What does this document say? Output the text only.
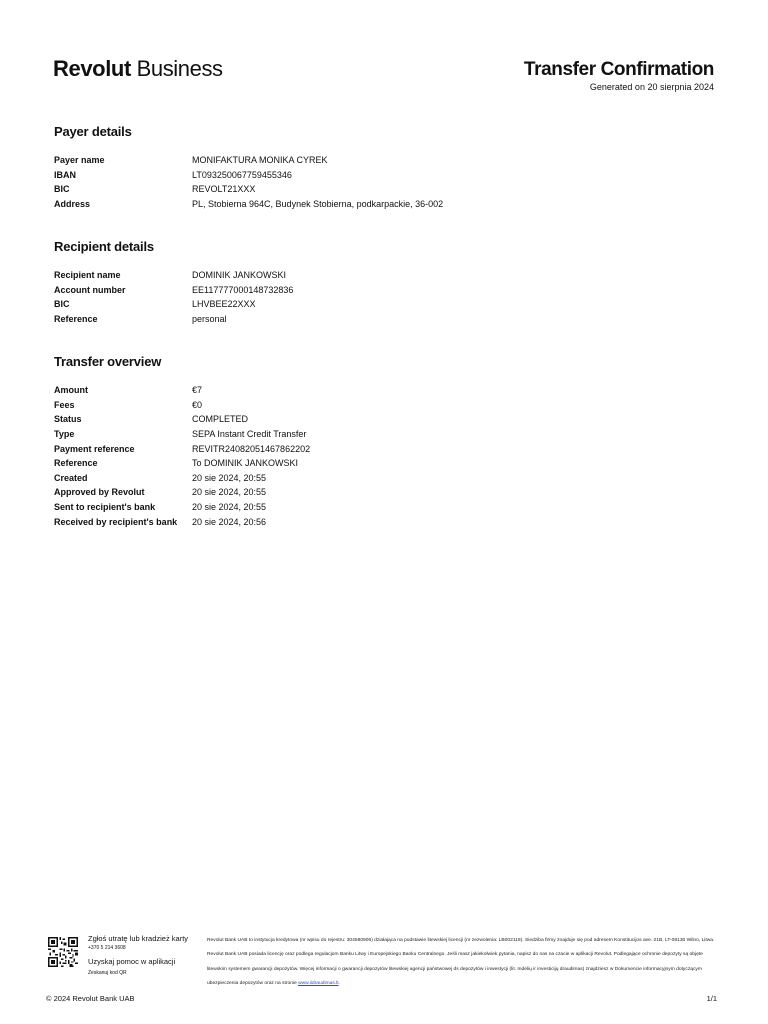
Revolut Business	Transfer Confirmation
Generated on 20 sierpnia 2024
Payer details
Payer name	MONIFAKTURA MONIKA CYREK
IBAN	LT093250067759455346
BIC	REVOLT21XXX
Address	PL, Stobierna 964C, Budynek Stobierna, podkarpackie, 36-002
Recipient details
Recipient name	DOMINIK JANKOWSKI
Account number	EE117777000148732836
BIC	LHVBEE22XXX
Reference	personal
Transfer overview
Amount	€7
Fees	€0
Status	COMPLETED
Type	SEPA Instant Credit Transfer
Payment reference	REVITR24082051467862202
Reference	To DOMINIK JANKOWSKI
Created	20 sie 2024, 20:55
Approved by Revolut	20 sie 2024, 20:55
Sent to recipient's bank	20 sie 2024, 20:55
Received by recipient's bank	20 sie 2024, 20:56
Zgłoś utratę lub kradzież karty
+370 5 214 3608
Uzyskaj pomoc w aplikacji
Zeskanuj kod QR
Revolut Bank UAB to instytucja kredytowa (nr wpisu do rejestru: 304580906) działająca na podstawie litewskiej licencji (nr zezwolenia: LB002119). Siedziba firmy znajduje się pod adresem Konstitucijos ave. 21B, LT-08130 Wilno, Litwa. Revolut Bank UAB posiada licencję oraz podlega regulacjom Banku Litwy i Europejskiego Banku Centralnego. Jeśli masz jakiekolwiek pytania, napisz do nas na czacie w aplikacji Revolut. Podlegające ochronie depozyty są objęte litewskim systemem gwarancji depozytów. Więcej informacji o gwarancji depozytów litewskiej agencji państwowej ds depozytów i inwestycji (lit. Indėlių ir investicijų draudimas) znajdziesz w Dokumencie informacyjnym dotyczącym ubezpieczenia depozytów oraz na stronie www.iidraudimas.lt.
© 2024 Revolut Bank UAB	1/1
